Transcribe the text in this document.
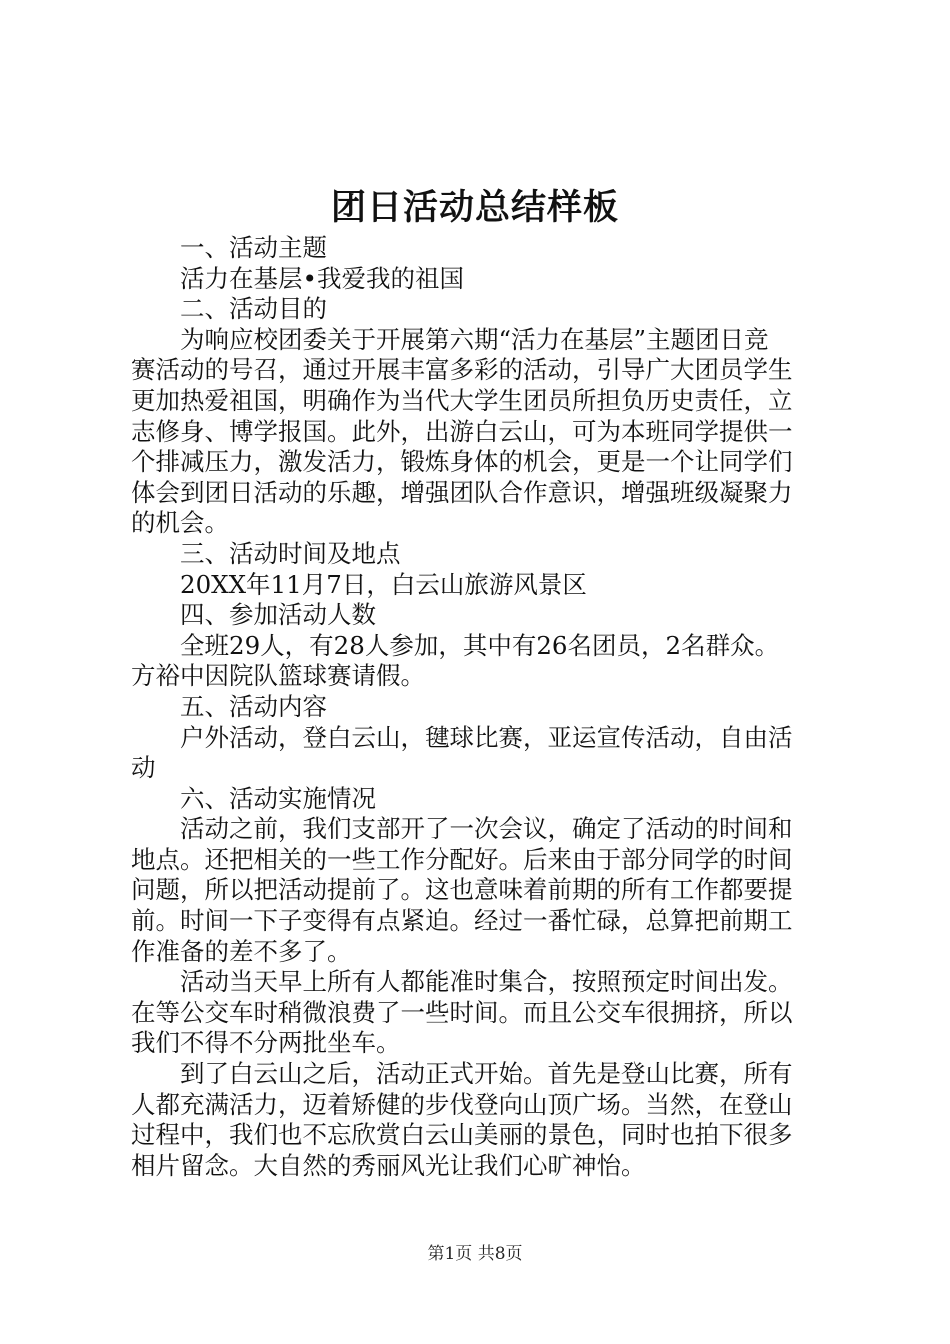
团日活动总结样板
一、活动主题
活力在基层•我爱我的祖国
二、活动目的
为响应校团委关于开展第六期“活力在基层”主题团日竞
赛活动的号召，通过开展丰富多彩的活动，引导广大团员学生
更加热爱祖国，明确作为当代大学生团员所担负历史责任，立
志修身、博学报国。此外，出游白云山，可为本班同学提供一
个排减压力，激发活力，锻炼身体的机会，更是一个让同学们
体会到团日活动的乐趣，增强团队合作意识，增强班级凝聚力
的机会。
三、活动时间及地点
20XX年11月7日，白云山旅游风景区
四、参加活动人数
全班29人，有28人参加，其中有26名团员，2名群众。
方裕中因院队篮球赛请假。
五、活动内容
户外活动，登白云山，毽球比赛，亚运宣传活动，自由活
动
六、活动实施情况
活动之前，我们支部开了一次会议，确定了活动的时间和
地点。还把相关的一些工作分配好。后来由于部分同学的时间
问题，所以把活动提前了。这也意味着前期的所有工作都要提
前。时间一下子变得有点紧迫。经过一番忙碌，总算把前期工
作准备的差不多了。
活动当天早上所有人都能准时集合，按照预定时间出发。
在等公交车时稍微浪费了一些时间。而且公交车很拥挤，所以
我们不得不分两批坐车。
到了白云山之后，活动正式开始。首先是登山比赛，所有
人都充满活力，迈着矫健的步伐登向山顶广场。当然，在登山
过程中，我们也不忘欣赏白云山美丽的景色，同时也拍下很多
相片留念。大自然的秀丽风光让我们心旷神怡。
第1页 共8页
